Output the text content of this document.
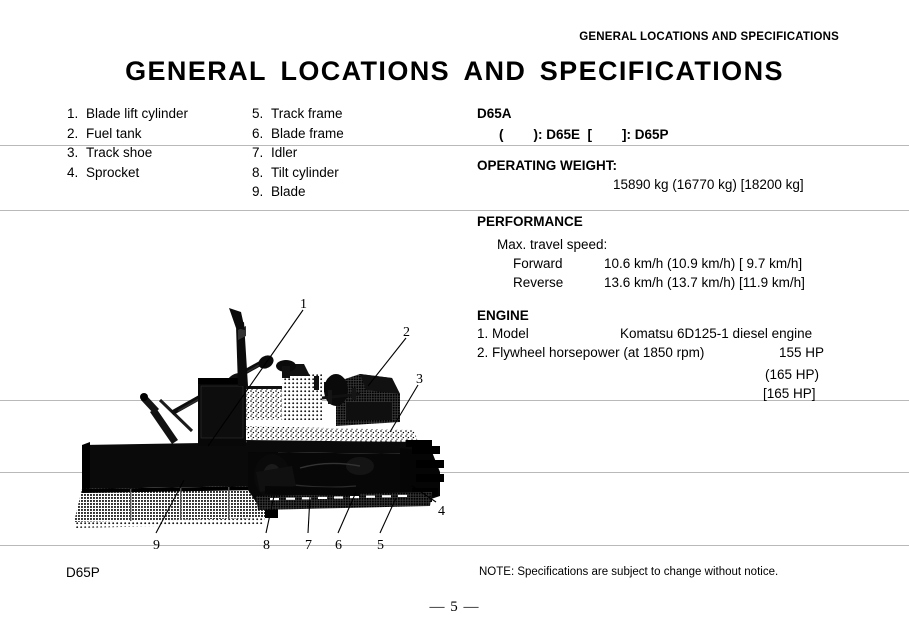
GENERAL LOCATIONS AND SPECIFICATIONS
GENERAL LOCATIONS AND SPECIFICATIONS
1. Blade lift cylinder
2. Fuel tank
3. Track shoe
4. Sprocket
5. Track frame
6. Blade frame
7. Idler
8. Tilt cylinder
9. Blade
D65A
(        ): D65E  [        ]: D65P
OPERATING WEIGHT:
15890 kg (16770 kg) [18200 kg]
PERFORMANCE
Max. travel speed:
Forward	10.6 km/h (10.9 km/h) [ 9.7 km/h]
Reverse	13.6 km/h (13.7 km/h) [11.9 km/h]
ENGINE
1. Model	Komatsu 6D125-1 diesel engine
2. Flywheel horsepower (at 1850 rpm)	155 HP
(165 HP)
[165 HP]
1
2
3
4
5
6
7
8
9
D65P	NOTE: Specifications are subject to change without notice.
— 5 —
